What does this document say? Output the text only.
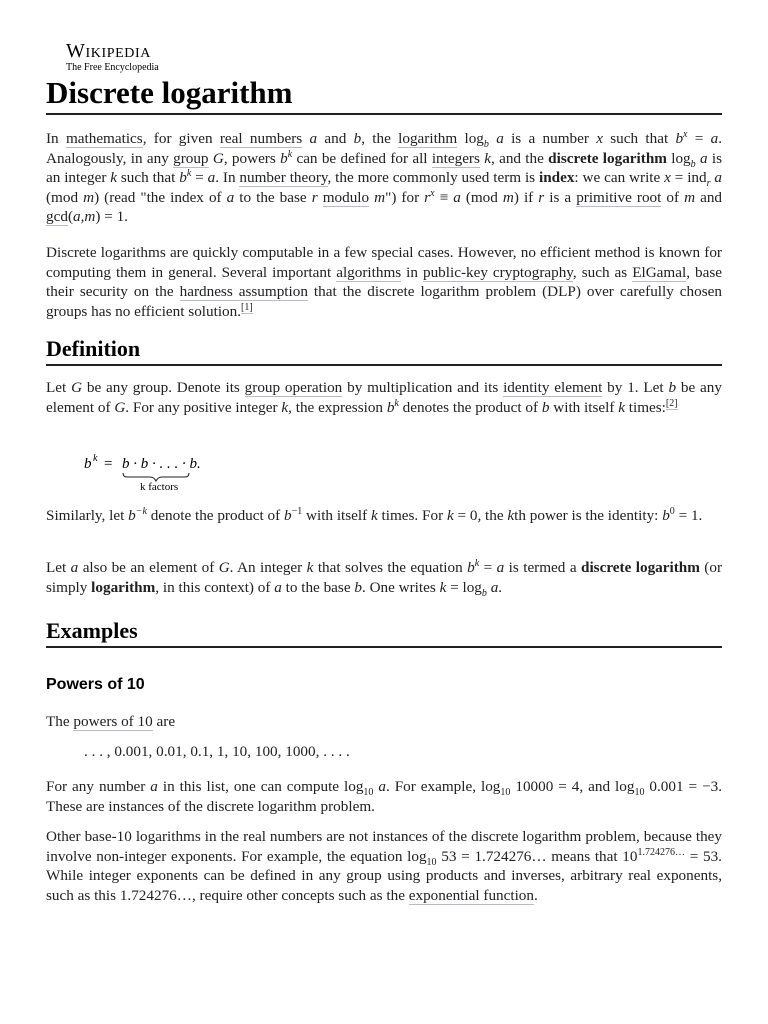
Wikipedia
The Free Encyclopedia
Discrete logarithm

In mathematics, for given real numbers a and b, the logarithm $\log_b a$ is a number x such that $b^x = a$. Analogously, in any group G, powers $b^k$ can be defined for all integers k, and the discrete logarithm $\log_b a$ is an integer k such that $b^k = a$. In number theory, the more commonly used term is index: we can write x = ind$_r$ a (mod m) (read "the index of a to the base r modulo m") for $r^x \equiv a$ (mod m) if r is a primitive root of m and gcd(a,m) = 1.

Discrete logarithms are quickly computable in a few special cases. However, no efficient method is known for computing them in general. Several important algorithms in public-key cryptography, such as ElGamal, base their security on the hardness assumption that the discrete logarithm problem (DLP) over carefully chosen groups has no efficient solution.[1]

Definition

Let G be any group. Denote its group operation by multiplication and its identity element by 1. Let b be any element of G. For any positive integer k, the expression $b^k$ denotes the product of b with itself k times:[2]

b k = b · b · . . . · b.
k factors

Similarly, let $b^{-k}$ denote the product of $b^{-1}$ with itself k times. For k = 0, the kth power is the identity: $b^0 = 1$.

Let a also be an element of G. An integer k that solves the equation $b^k = a$ is termed a discrete logarithm (or simply logarithm, in this context) of a to the base b. One writes $k = \log_b a$.

Examples
Powers of 10

The powers of 10 are

. . . , 0.001, 0.01, 0.1, 1, 10, 100, 1000, . . . .

For any number a in this list, one can compute $\log_{10} a$. For example, $\log_{10} 10000 = 4$, and $\log_{10} 0.001 = -3$. These are instances of the discrete logarithm problem.

Other base-10 logarithms in the real numbers are not instances of the discrete logarithm problem, because they involve non-integer exponents. For example, the equation $\log_{10} 53$ = 1.724276… means that $10^{1.724276\dots} = 53$. While integer exponents can be defined in any group using products and inverses, arbitrary real exponents, such as this 1.724276…, require other concepts such as the exponential function.
